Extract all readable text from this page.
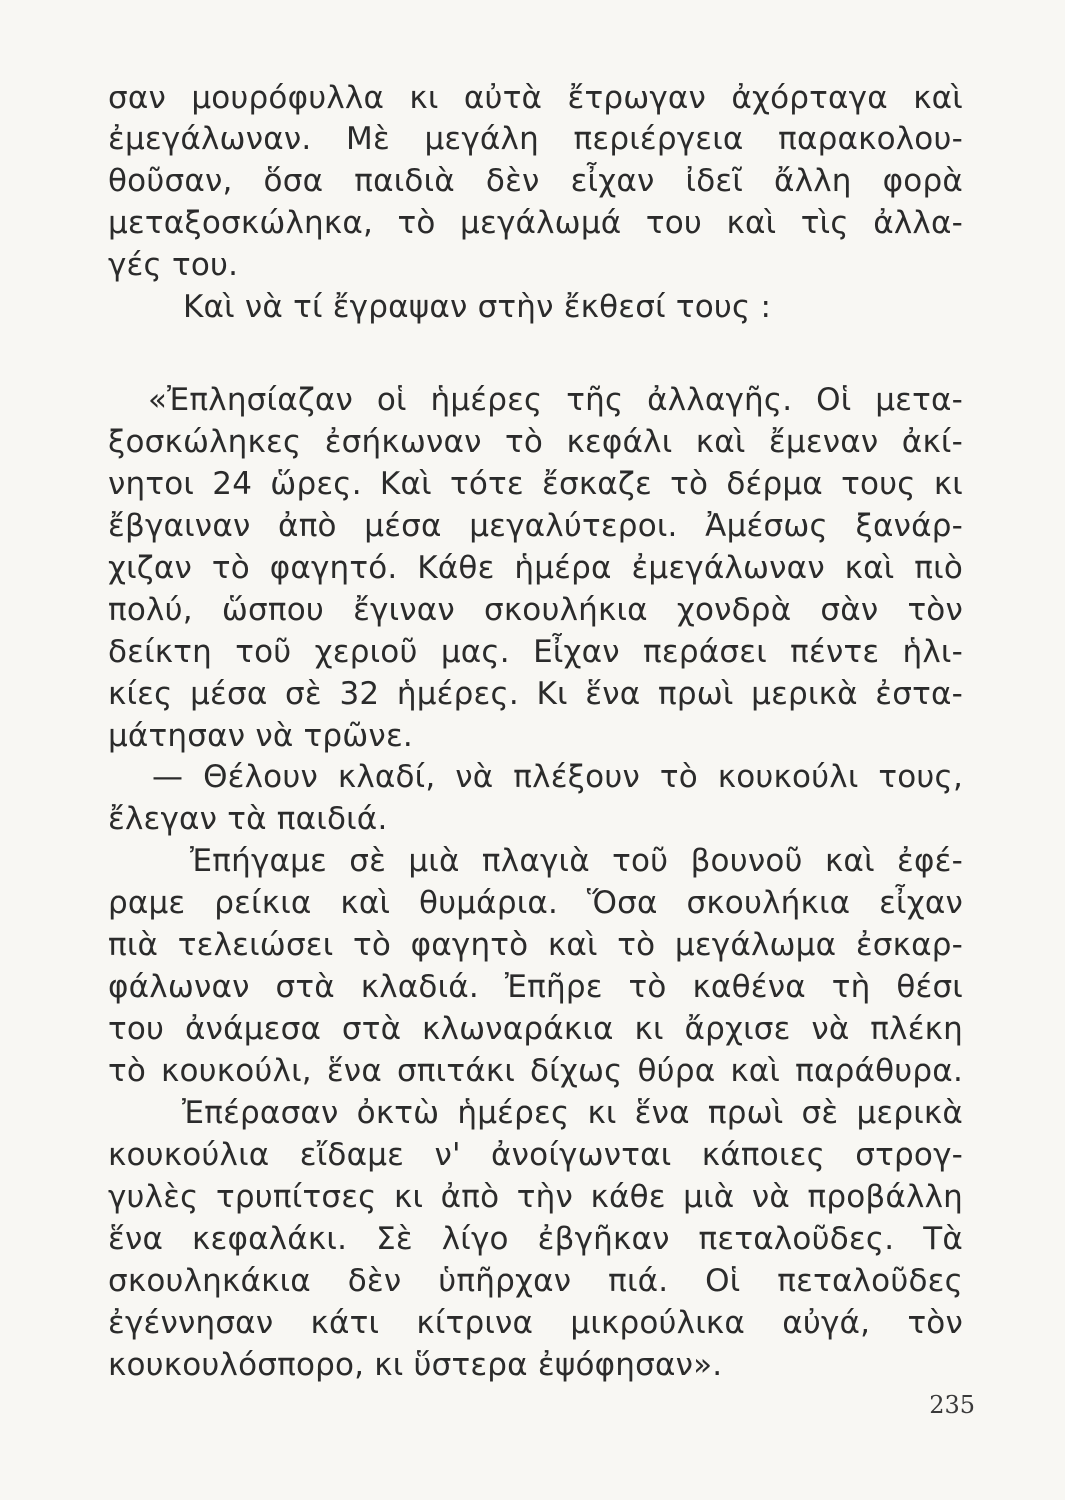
σαν μουρόφυλλα κι αὐτὰ ἔτρωγαν ἀχόρταγα καὶ
ἐμεγάλωναν. Μὲ μεγάλη περιέργεια παρακολου-
θοῦσαν, ὅσα παιδιὰ δὲν εἶχαν ἰδεῖ ἄλλη φορὰ
μεταξοσκώληκα, τὸ μεγάλωμά του καὶ τὶς ἀλλα-
γές του.
Καὶ νὰ τί ἔγραψαν στὴν ἔκθεσί τους :
«Ἐπλησίαζαν οἱ ἡμέρες τῆς ἀλλαγῆς. Οἱ μετα-
ξοσκώληκες ἐσήκωναν τὸ κεφάλι καὶ ἔμεναν ἀκί-
νητοι 24 ὥρες. Καὶ τότε ἔσκαζε τὸ δέρμα τους κι
ἔβγαιναν ἀπὸ μέσα μεγαλύτεροι. Ἀμέσως ξανάρ-
χιζαν τὸ φαγητό. Κάθε ἡμέρα ἐμεγάλωναν καὶ πιὸ
πολύ, ὥσπου ἔγιναν σκουλήκια χονδρὰ σὰν τὸν
δείκτη τοῦ χεριοῦ μας. Εἶχαν περάσει πέντε ἡλι-
κίες μέσα σὲ 32 ἡμέρες. Κι ἕνα πρωὶ μερικὰ ἐστα-
μάτησαν νὰ τρῶνε.
— Θέλουν κλαδί, νὰ πλέξουν τὸ κουκούλι τους,
ἔλεγαν τὰ παιδιά.
Ἐπήγαμε σὲ μιὰ πλαγιὰ τοῦ βουνοῦ καὶ ἐφέ-
ραμε ρείκια καὶ θυμάρια. Ὅσα σκουλήκια εἶχαν
πιὰ τελειώσει τὸ φαγητὸ καὶ τὸ μεγάλωμα ἐσκαρ-
φάλωναν στὰ κλαδιά. Ἐπῆρε τὸ καθένα τὴ θέσι
του ἀνάμεσα στὰ κλωναράκια κι ἄρχισε νὰ πλέκη
τὸ κουκούλι, ἕνα σπιτάκι δίχως θύρα καὶ παράθυρα.
Ἐπέρασαν ὀκτὼ ἡμέρες κι ἕνα πρωὶ σὲ μερικὰ
κουκούλια εἴδαμε ν' ἀνοίγωνται κάποιες στρογ-
γυλὲς τρυπίτσες κι ἀπὸ τὴν κάθε μιὰ νὰ προβάλλη
ἕνα κεφαλάκι. Σὲ λίγο ἐβγῆκαν πεταλοῦδες. Τὰ
σκουληκάκια δὲν ὑπῆρχαν πιά. Οἱ πεταλοῦδες
ἐγέννησαν κάτι κίτρινα μικρούλικα αὐγά, τὸν
κουκουλόσπορο, κι ὕστερα ἐψόφησαν».
235
